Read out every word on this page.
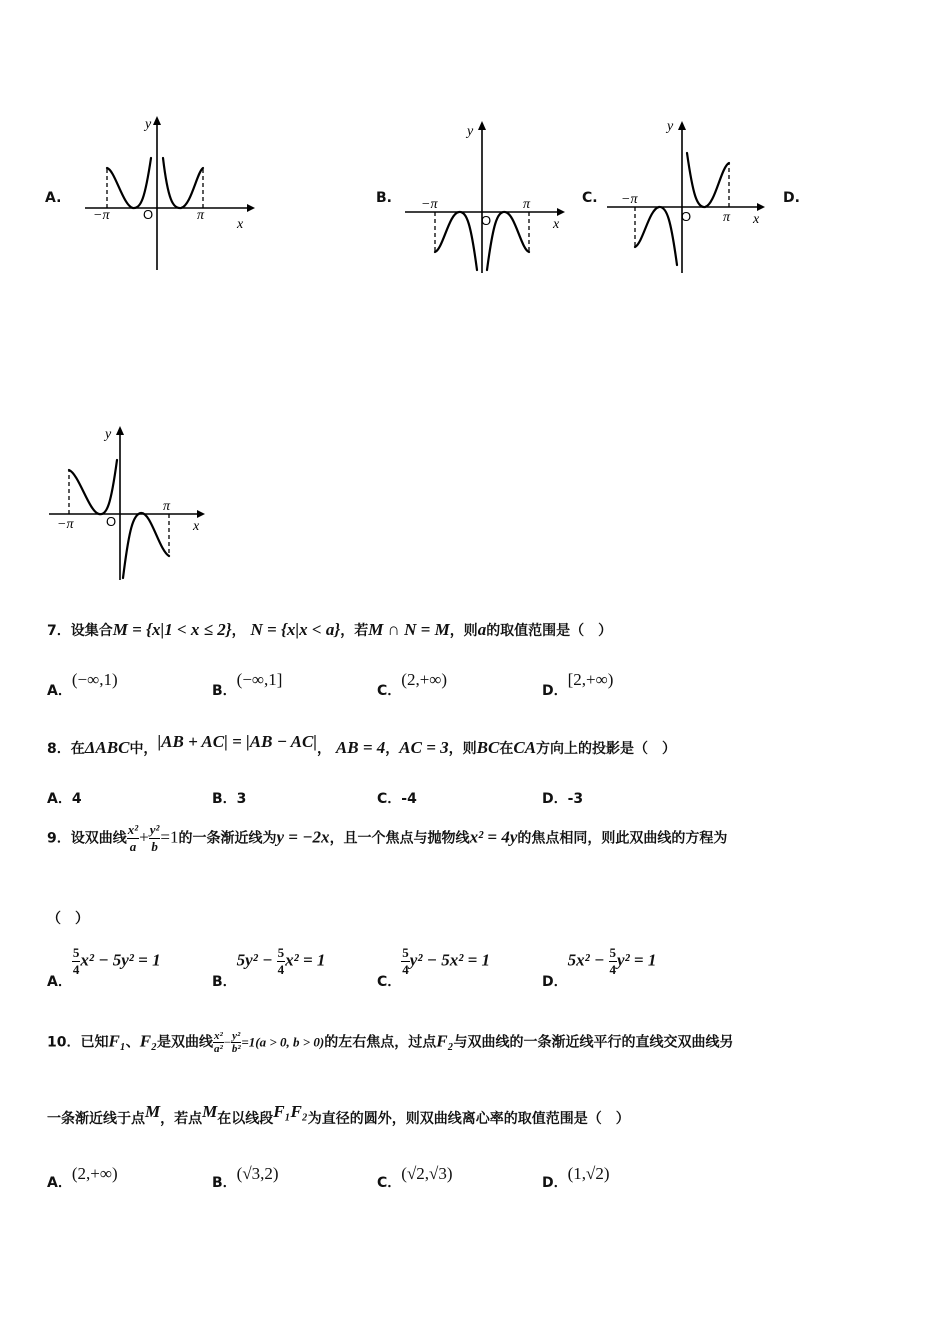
A.
y
x
O
−π	π
B.
y
x
O
−π	π	C.
y
x
O
−π
π
D.
y
x
O
−π
π
7．设集合M = {x|1 < x ≤ 2}， N = {x|x < a}，若M ∩ N = M，则a的取值范围是（　）
A．(−∞,1)
B．(−∞,1]
C．(2,+∞)
D．[2,+∞)
8．在ΔABC中，|AB + AC| = |AB − AC|， AB = 4，AC = 3，则BC在CA方向上的投影是（　）
A．4	B．3	C．-4	D．-3
9．设双曲线 $\frac{\text{x²}}{a} + \frac{\text{y²}}{b} =1$的一条渐近线为y = −2x，且一个焦点与抛物线x² = 4y的焦点相同，则此双曲线的方程为
（　）
A．
$\frac{5}{4} x^2 - 5y^2 = 1$
B．$5y^2 - \frac{5}{4} x^2 = 1$
C．
$\frac{5}{4} y^2 - 5x^2 = 1$
D．$5x^2 - \frac{5}{4} y^2 = 1$
10．已知F₁、F₂是双曲线 $\frac{\text{x²}}{\text{a²}} - \frac{\text{y²}}{\text{b²}} =1(a > 0$, b > 0)的左右焦点，过点F₂与双曲线的一条渐近线平行的直线交双曲线另
一条渐近线于点M，若点M在以线段F₁F₂为直径的圆外，则双曲线离心率的取值范围是（　）
A．(2,+∞)	B．(√3,2)	C．(√2,√3)	D．(1,√2)
